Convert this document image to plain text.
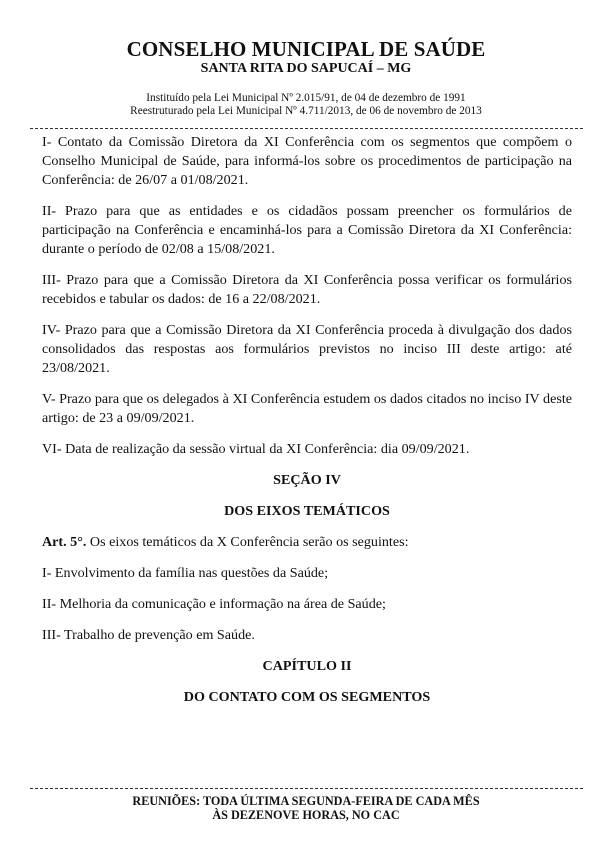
CONSELHO MUNICIPAL DE SAÚDE
SANTA RITA DO SAPUCAÍ – MG
Instituído pela Lei Municipal Nº 2.015/91, de 04 de dezembro de 1991
Reestruturado pela Lei Municipal Nº 4.711/2013, de 06 de novembro de 2013

I- Contato da Comissão Diretora da XI Conferência com os segmentos que compõem o Conselho Municipal de Saúde, para informá-los sobre os procedimentos de participação na Conferência: de 26/07 a 01/08/2021.

II- Prazo para que as entidades e os cidadãos possam preencher os formulários de participação na Conferência e encaminhá-los para a Comissão Diretora da XI Conferência: durante o período de 02/08 a 15/08/2021.

III- Prazo para que a Comissão Diretora da XI Conferência possa verificar os formulários recebidos e tabular os dados: de 16 a 22/08/2021.

IV- Prazo para que a Comissão Diretora da XI Conferência proceda à divulgação dos dados consolidados das respostas aos formulários previstos no inciso III deste artigo: até 23/08/2021.

V- Prazo para que os delegados à XI Conferência estudem os dados citados no inciso IV deste artigo: de 23 a 09/09/2021.

VI- Data de realização da sessão virtual da XI Conferência: dia 09/09/2021.

SEÇÃO IV

DOS EIXOS TEMÁTICOS

Art. 5°. Os eixos temáticos da X Conferência serão os seguintes:

I- Envolvimento da família nas questões da Saúde;

II- Melhoria da comunicação e informação na área de Saúde;

III- Trabalho de prevenção em Saúde.

CAPÍTULO II

DO CONTATO COM OS SEGMENTOS

REUNIÕES: TODA ÚLTIMA SEGUNDA-FEIRA DE CADA MÊS
ÀS DEZENOVE HORAS, NO CAC
